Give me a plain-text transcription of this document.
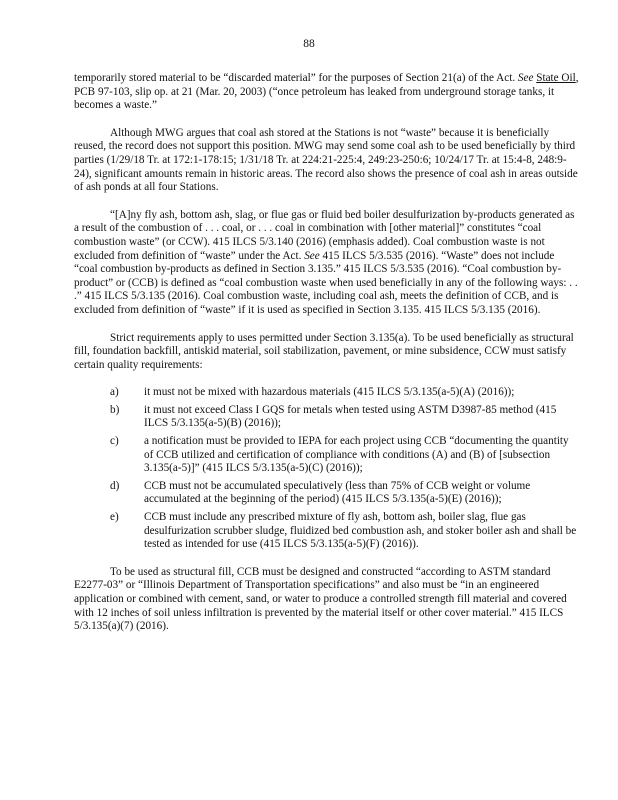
88

temporarily stored material to be “discarded material” for the purposes of Section 21(a) of the Act. See State Oil, PCB 97-103, slip op. at 21 (Mar. 20, 2003) (“once petroleum has leaked from underground storage tanks, it becomes a waste.”

Although MWG argues that coal ash stored at the Stations is not “waste” because it is beneficially reused, the record does not support this position. MWG may send some coal ash to be used beneficially by third parties (1/29/18 Tr. at 172:1-178:15; 1/31/18 Tr. at 224:21-225:4, 249:23-250:6; 10/24/17 Tr. at 15:4-8, 248:9-24), significant amounts remain in historic areas. The record also shows the presence of coal ash in areas outside of ash ponds at all four Stations.

“[A]ny fly ash, bottom ash, slag, or flue gas or fluid bed boiler desulfurization by-products generated as a result of the combustion of . . . coal, or . . . coal in combination with [other material]” constitutes “coal combustion waste” (or CCW). 415 ILCS 5/3.140 (2016) (emphasis added). Coal combustion waste is not excluded from definition of “waste” under the Act. See 415 ILCS 5/3.535 (2016). “Waste” does not include “coal combustion by-products as defined in Section 3.135.” 415 ILCS 5/3.535 (2016). “Coal combustion by-product” or (CCB) is defined as “coal combustion waste when used beneficially in any of the following ways: . . .” 415 ILCS 5/3.135 (2016). Coal combustion waste, including coal ash, meets the definition of CCB, and is excluded from definition of “waste” if it is used as specified in Section 3.135. 415 ILCS 5/3.135 (2016).

Strict requirements apply to uses permitted under Section 3.135(a). To be used beneficially as structural fill, foundation backfill, antiskid material, soil stabilization, pavement, or mine subsidence, CCW must satisfy certain quality requirements:

a)	it must not be mixed with hazardous materials (415 ILCS 5/3.135(a-5)(A) (2016));
b)	it must not exceed Class I GQS for metals when tested using ASTM D3987-85 method (415 ILCS 5/3.135(a-5)(B) (2016));
c)	a notification must be provided to IEPA for each project using CCB “documenting the quantity of CCB utilized and certification of compliance with conditions (A) and (B) of [subsection 3.135(a-5)]” (415 ILCS 5/3.135(a-5)(C) (2016));
d)	CCB must not be accumulated speculatively (less than 75% of CCB weight or volume accumulated at the beginning of the period) (415 ILCS 5/3.135(a-5)(E) (2016));
e)	CCB must include any prescribed mixture of fly ash, bottom ash, boiler slag, flue gas desulfurization scrubber sludge, fluidized bed combustion ash, and stoker boiler ash and shall be tested as intended for use (415 ILCS 5/3.135(a-5)(F) (2016)).

To be used as structural fill, CCB must be designed and constructed “according to ASTM standard E2277-03” or “Illinois Department of Transportation specifications” and also must be “in an engineered application or combined with cement, sand, or water to produce a controlled strength fill material and covered with 12 inches of soil unless infiltration is prevented by the material itself or other cover material.” 415 ILCS 5/3.135(a)(7) (2016).
